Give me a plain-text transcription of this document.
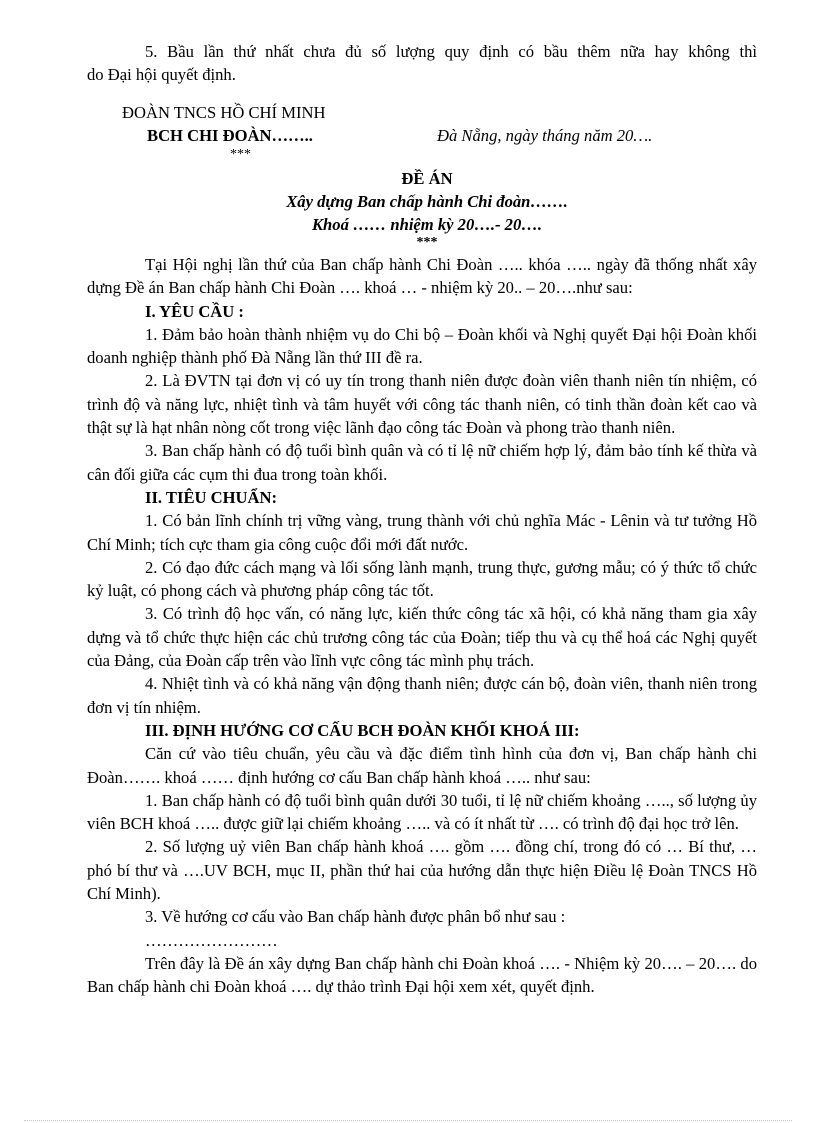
5. Bầu lần thứ nhất chưa đủ số lượng quy định có bầu thêm nữa hay không thì

do Đại hội quyết định.

ĐOÀN TNCS HỒ CHÍ MINH
BCH CHI ĐOÀN……..
***
Đà Nẵng, ngày tháng năm 20….
ĐỀ ÁN
Xây dựng Ban chấp hành Chi đoàn…….
Khoá …… nhiệm kỳ 20….- 20….
***

Tại Hội nghị lần thứ của Ban chấp hành Chi Đoàn ….. khóa ….. ngày đã thống nhất xây dựng Đề án Ban chấp hành Chi Đoàn …. khoá … - nhiệm kỳ 20.. – 20….như sau:

I. YÊU CẦU :

1. Đảm bảo hoàn thành nhiệm vụ do Chi bộ – Đoàn khối và Nghị quyết Đại hội Đoàn khối doanh nghiệp thành phố Đà Nẵng lần thứ III đề ra.

2. Là ĐVTN tại đơn vị có uy tín trong thanh niên được đoàn viên thanh niên tín nhiệm, có trình độ và năng lực, nhiệt tình và tâm huyết với công tác thanh niên, có tinh thần đoàn kết cao và thật sự là hạt nhân nòng cốt trong việc lãnh đạo công tác Đoàn và phong trào thanh niên.

3. Ban chấp hành có độ tuổi bình quân và có tỉ lệ nữ chiếm hợp lý, đảm bảo tính kế thừa và cân đối giữa các cụm thi đua trong toàn khối.

II. TIÊU CHUẨN:

1. Có bản lĩnh chính trị vững vàng, trung thành với chủ nghĩa Mác - Lênin và tư tưởng Hồ Chí Minh; tích cực tham gia công cuộc đổi mới đất nước.

2. Có đạo đức cách mạng và lối sống lành mạnh, trung thực, gương mẫu; có ý thức tổ chức kỷ luật, có phong cách và phương pháp công tác tốt.

3. Có trình độ học vấn, có năng lực, kiến thức công tác xã hội, có khả năng tham gia xây dựng và tổ chức thực hiện các chủ trương công tác của Đoàn; tiếp thu và cụ thể hoá các Nghị quyết của Đảng, của Đoàn cấp trên vào lĩnh vực công tác mình phụ trách.

4. Nhiệt tình và có khả năng vận động thanh niên; được cán bộ, đoàn viên, thanh niên trong đơn vị tín nhiệm.

III. ĐỊNH HƯỚNG CƠ CẤU BCH ĐOÀN KHỐI KHOÁ III:

Căn cứ vào tiêu chuẩn, yêu cầu và đặc điểm tình hình của đơn vị, Ban chấp hành chi Đoàn……. khoá …… định hướng cơ cấu Ban chấp hành khoá ….. như sau:

1. Ban chấp hành có độ tuổi bình quân dưới 30 tuổi, tỉ lệ nữ chiếm khoảng ….., số lượng ủy viên BCH khoá ….. được giữ lại chiếm khoảng ….. và có ít nhất từ …. có trình độ đại học trở lên.

2. Số lượng uỷ viên Ban chấp hành khoá …. gồm …. đồng chí, trong đó có … Bí thư, … phó bí thư và ….UV BCH, mục II, phần thứ hai của hướng dẫn thực hiện Điều lệ Đoàn TNCS Hồ Chí Minh).

3. Về hướng cơ cấu vào Ban chấp hành được phân bổ như sau :

……………………

Trên đây là Đề án xây dựng Ban chấp hành chi Đoàn khoá …. - Nhiệm kỳ 20…. – 20…. do Ban chấp hành chi Đoàn khoá …. dự thảo trình Đại hội xem xét, quyết định.
